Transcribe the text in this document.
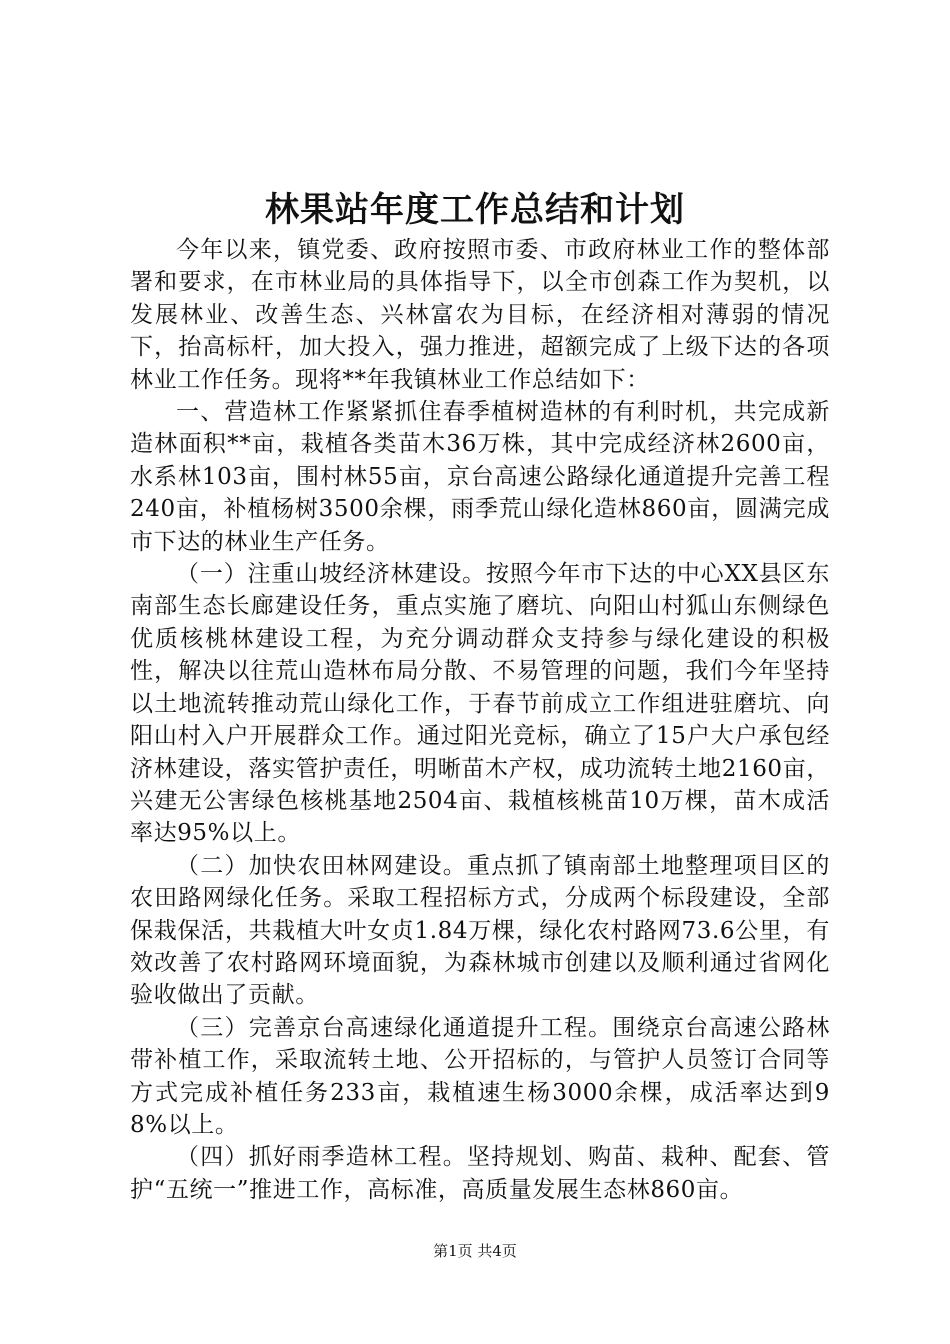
林果站年度工作总结和计划

今年以来，镇党委、政府按照市委、市政府林业工作的整体部署和要求，在市林业局的具体指导下，以全市创森工作为契机，以发展林业、改善生态、兴林富农为目标，在经济相对薄弱的情况下，抬高标杆，加大投入，强力推进，超额完成了上级下达的各项林业工作任务。现将**年我镇林业工作总结如下：

一、营造林工作紧紧抓住春季植树造林的有利时机，共完成新造林面积**亩，栽植各类苗木36万株，其中完成经济林2600亩，水系林103亩，围村林55亩，京台高速公路绿化通道提升完善工程240亩，补植杨树3500余棵，雨季荒山绿化造林860亩，圆满完成市下达的林业生产任务。

（一）注重山坡经济林建设。按照今年市下达的中心XX县区东南部生态长廊建设任务，重点实施了磨坑、向阳山村狐山东侧绿色优质核桃林建设工程，为充分调动群众支持参与绿化建设的积极性，解决以往荒山造林布局分散、不易管理的问题，我们今年坚持以土地流转推动荒山绿化工作，于春节前成立工作组进驻磨坑、向阳山村入户开展群众工作。通过阳光竞标，确立了15户大户承包经济林建设，落实管护责任，明晰苗木产权，成功流转土地2160亩，兴建无公害绿色核桃基地2504亩、栽植核桃苗10万棵，苗木成活率达95%以上。

（二）加快农田林网建设。重点抓了镇南部土地整理项目区的农田路网绿化任务。采取工程招标方式，分成两个标段建设，全部保栽保活，共栽植大叶女贞1.84万棵，绿化农村路网73.6公里，有效改善了农村路网环境面貌，为森林城市创建以及顺利通过省网化验收做出了贡献。

（三）完善京台高速绿化通道提升工程。围绕京台高速公路林带补植工作，采取流转土地、公开招标的，与管护人员签订合同等方式完成补植任务233亩，栽植速生杨3000余棵，成活率达到98%以上。

（四）抓好雨季造林工程。坚持规划、购苗、栽种、配套、管护“五统一”推进工作，高标准，高质量发展生态林860亩。

第1页 共4页
